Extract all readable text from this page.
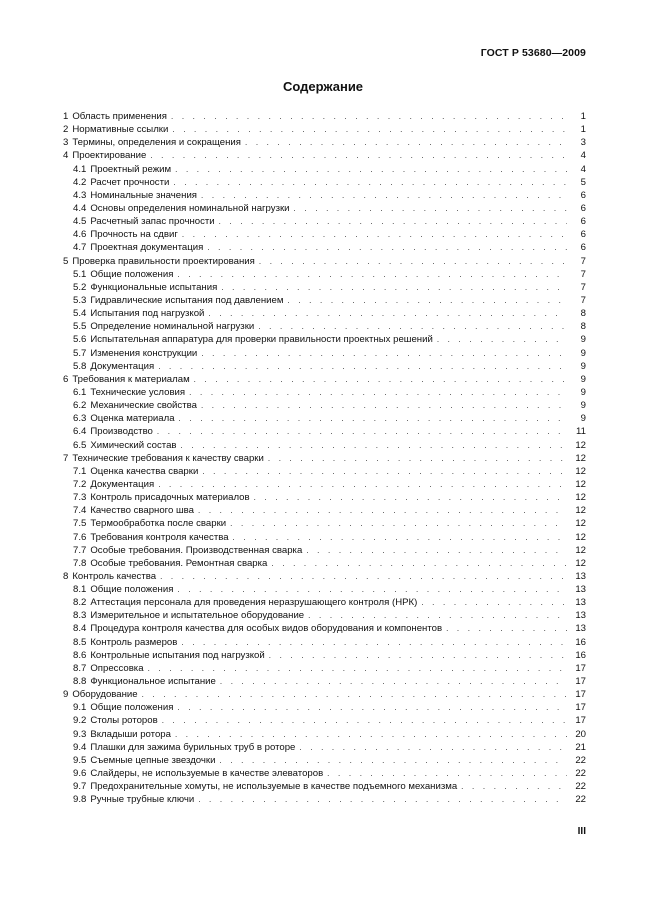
ГОСТ Р 53680—2009
Содержание
1 Область применения . . .	1
2 Нормативные ссылки . . .	1
3 Термины, определения и сокращения . . .	3
4 Проектирование . . .	4
4.1 Проектный режим . . .	4
4.2 Расчет прочности . . .	5
4.3 Номинальные значения . . .	6
4.4 Основы определения номинальной нагрузки . . .	6
4.5 Расчетный запас прочности . . .	6
4.6 Прочность на сдвиг . . .	6
4.7 Проектная документация . . .	6
5 Проверка правильности проектирования . . .	7
5.1 Общие положения . . .	7
5.2 Функциональные испытания . . .	7
5.3 Гидравлические испытания под давлением . . .	7
5.4 Испытания под нагрузкой . . .	8
5.5 Определение номинальной нагрузки . . .	8
5.6 Испытательная аппаратура для проверки правильности проектных решений . . .	9
5.7 Изменения конструкции . . .	9
5.8 Документация . . .	9
6 Требования к материалам . . .	9
6.1 Технические условия . . .	9
6.2 Механические свойства . . .	9
6.3 Оценка материала . . .	9
6.4 Производство . . .	11
6.5 Химический состав . . .	12
7 Технические требования к качеству сварки . . .	12
7.1 Оценка качества сварки . . .	12
7.2 Документация . . .	12
7.3 Контроль присадочных материалов . . .	12
7.4 Качество сварного шва . . .	12
7.5 Термообработка после сварки . . .	12
7.6 Требования контроля качества . . .	12
7.7 Особые требования. Производственная сварка . . .	12
7.8 Особые требования. Ремонтная сварка . . .	12
8 Контроль качества . . .	13
8.1 Общие положения . . .	13
8.2 Аттестация персонала для проведения неразрушающего контроля (НРК) . . .	13
8.3 Измерительное и испытательное оборудование . . .	13
8.4 Процедура контроля качества для особых видов оборудования и компонентов . . .	13
8.5 Контроль размеров . . .	16
8.6 Контрольные испытания под нагрузкой . . .	16
8.7 Опрессовка . . .	17
8.8 Функциональное испытание . . .	17
9 Оборудование . . .	17
9.1 Общие положения . . .	17
9.2 Столы роторов . . .	17
9.3 Вкладыши ротора . . .	20
9.4 Плашки для зажима бурильных труб в роторе . . .	21
9.5 Съемные цепные звездочки . . .	22
9.6 Слайдеры, не используемые в качестве элеваторов . . .	22
9.7 Предохранительные хомуты, не используемые в качестве подъемного механизма . . .	22
9.8 Ручные трубные ключи . . .	22
III
